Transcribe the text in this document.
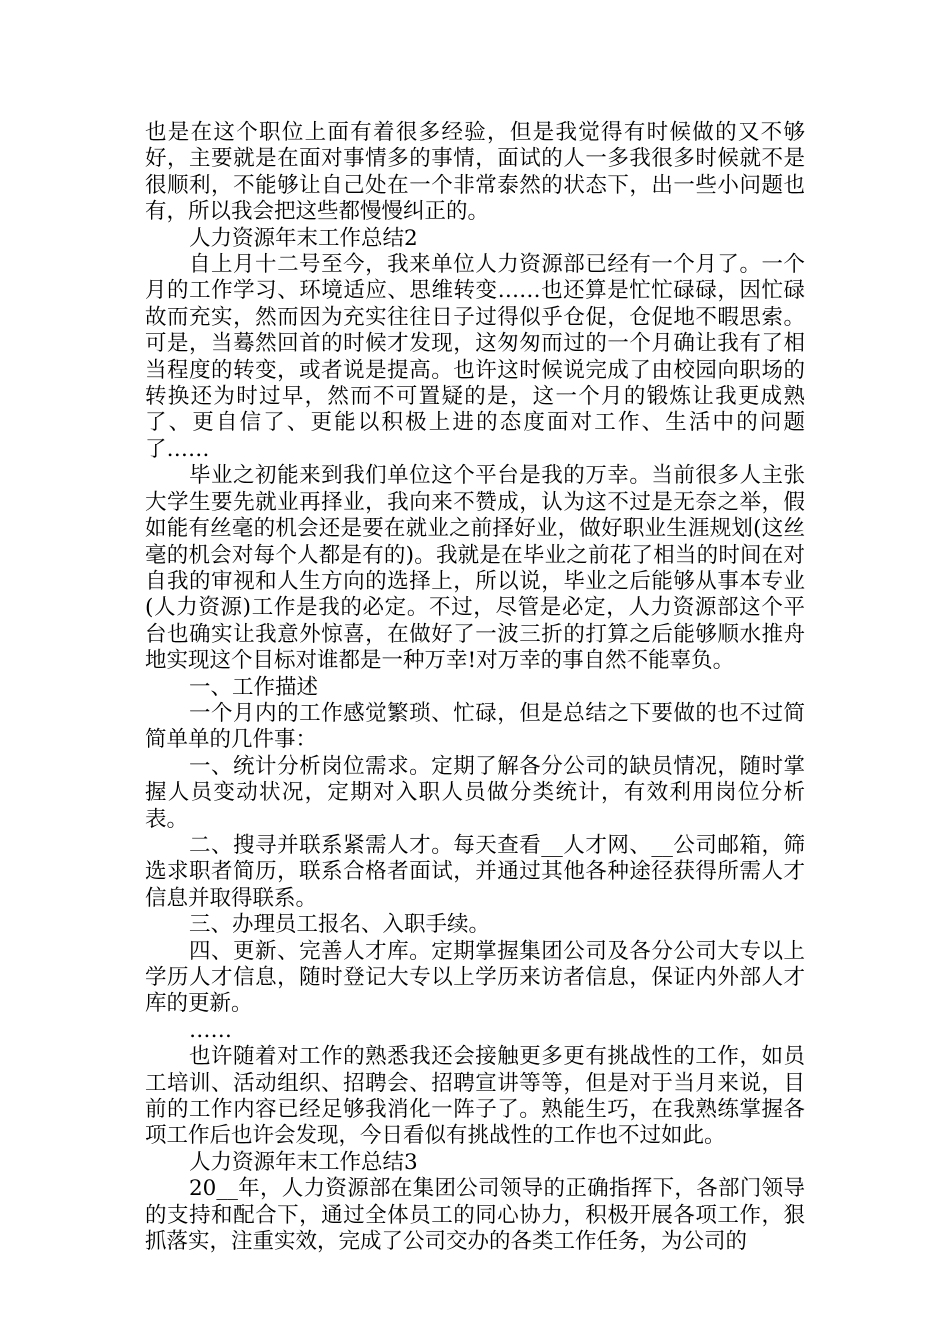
也是在这个职位上面有着很多经验，但是我觉得有时候做的又不够好，主要就是在面对事情多的事情，面试的人一多我很多时候就不是很顺利，不能够让自己处在一个非常泰然的状态下，出一些小问题也有，所以我会把这些都慢慢纠正的。

人力资源年末工作总结2

自上月十二号至今，我来单位人力资源部已经有一个月了。一个月的工作学习、环境适应、思维转变……也还算是忙忙碌碌，因忙碌故而充实，然而因为充实往往日子过得似乎仓促，仓促地不暇思索。可是，当蓦然回首的时候才发现，这匆匆而过的一个月确让我有了相当程度的转变，或者说是提高。也许这时候说完成了由校园向职场的转换还为时过早，然而不可置疑的是，这一个月的锻炼让我更成熟了、更自信了、更能以积极上进的态度面对工作、生活中的问题了……

毕业之初能来到我们单位这个平台是我的万幸。当前很多人主张大学生要先就业再择业，我向来不赞成，认为这不过是无奈之举，假如能有丝毫的机会还是要在就业之前择好业，做好职业生涯规划(这丝毫的机会对每个人都是有的)。我就是在毕业之前花了相当的时间在对自我的审视和人生方向的选择上，所以说，毕业之后能够从事本专业(人力资源)工作是我的必定。不过，尽管是必定，人力资源部这个平台也确实让我意外惊喜，在做好了一波三折的打算之后能够顺水推舟地实现这个目标对谁都是一种万幸!对万幸的事自然不能辜负。

一、工作描述

一个月内的工作感觉繁琐、忙碌，但是总结之下要做的也不过简简单单的几件事：

一、统计分析岗位需求。定期了解各分公司的缺员情况，随时掌握人员变动状况，定期对入职人员做分类统计，有效利用岗位分析表。

二、搜寻并联系紧需人才。每天查看__人才网、__公司邮箱，筛选求职者简历，联系合格者面试，并通过其他各种途径获得所需人才信息并取得联系。

三、办理员工报名、入职手续。

四、更新、完善人才库。定期掌握集团公司及各分公司大专以上学历人才信息，随时登记大专以上学历来访者信息，保证内外部人才库的更新。

……

也许随着对工作的熟悉我还会接触更多更有挑战性的工作，如员工培训、活动组织、招聘会、招聘宣讲等等，但是对于当月来说，目前的工作内容已经足够我消化一阵子了。熟能生巧，在我熟练掌握各项工作后也许会发现，今日看似有挑战性的工作也不过如此。

人力资源年末工作总结3

20__年，人力资源部在集团公司领导的正确指挥下，各部门领导的支持和配合下，通过全体员工的同心协力，积极开展各项工作，狠抓落实，注重实效，完成了公司交办的各类工作任务，为公司的
